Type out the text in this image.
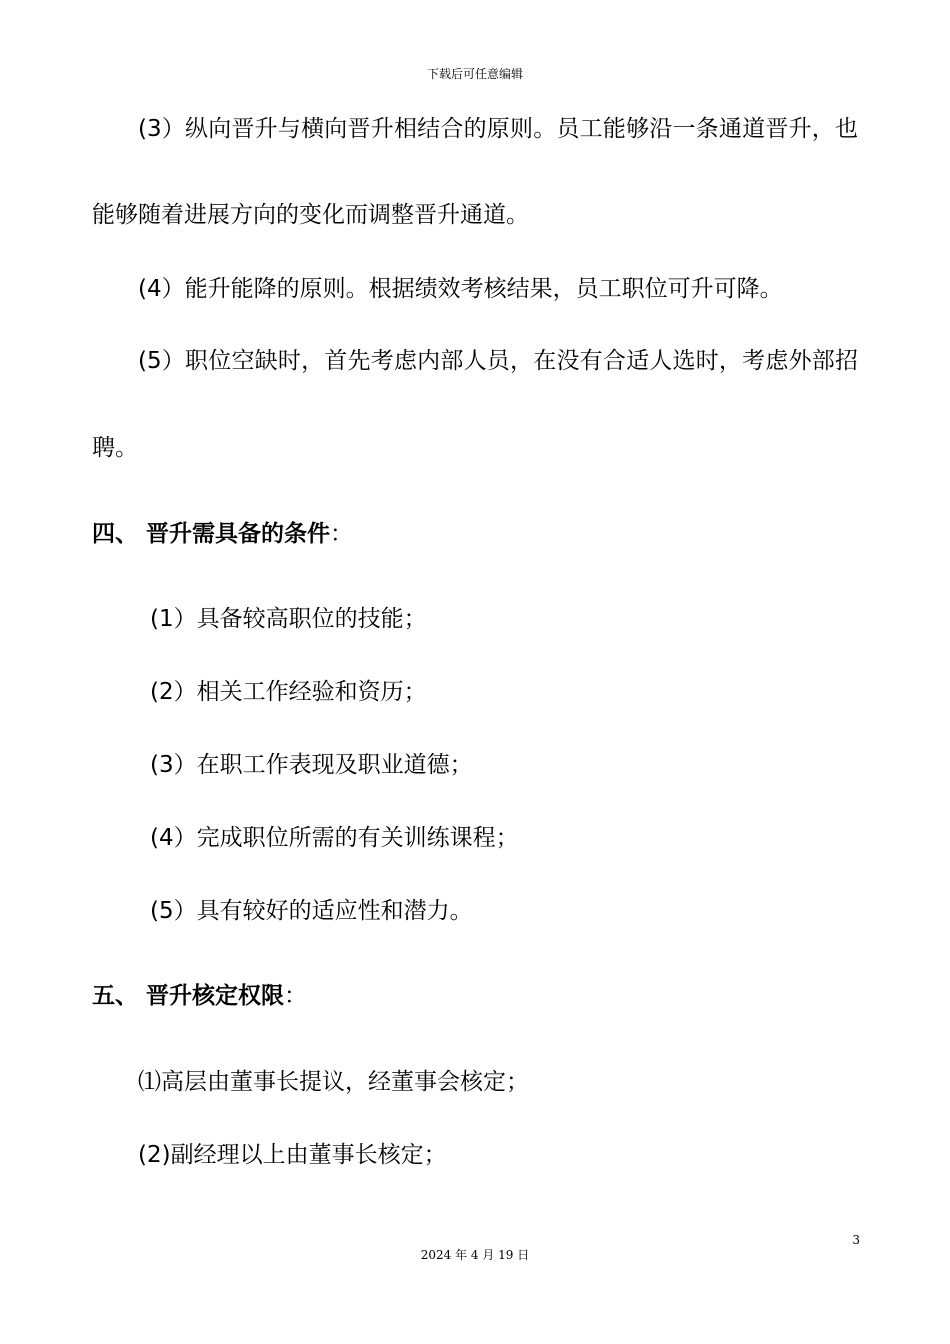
下载后可任意编辑
(3）纵向晋升与横向晋升相结合的原则。员工能够沿一条通道晋升，也
能够随着进展方向的变化而调整晋升通道。
(4）能升能降的原则。根据绩效考核结果，员工职位可升可降。
(5）职位空缺时，首先考虑内部人员，在没有合适人选时，考虑外部招
聘。
四、 晋升需具备的条件：
(1）具备较高职位的技能；
(2）相关工作经验和资历；
(3）在职工作表现及职业道德；
(4）完成职位所需的有关训练课程；
(5）具有较好的适应性和潜力。
五、 晋升核定权限：
⑴高层由董事长提议，经董事会核定；
(2)副经理以上由董事长核定；
3
2024 年 4 月 19 日
